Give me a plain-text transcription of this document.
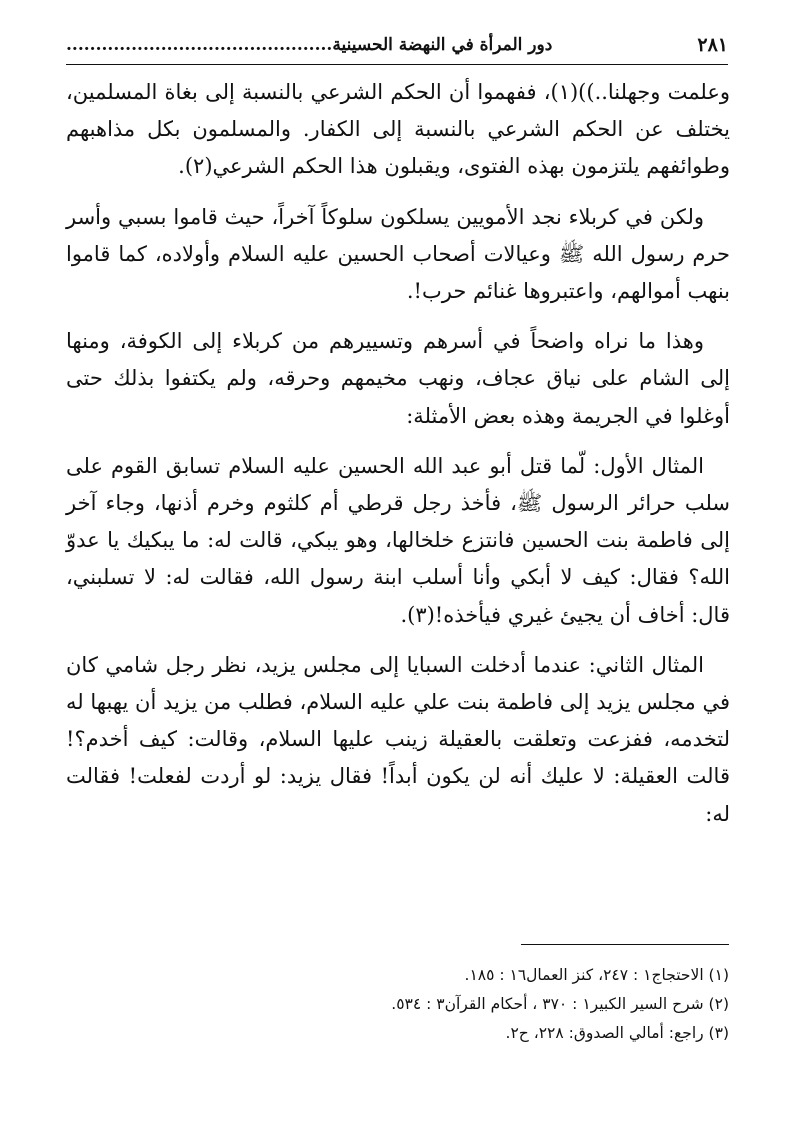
٢٨١
دور المرأة في النهضة الحسينية.............................................

وعلمت وجهلنا..))(١)، ففهموا أن الحكم الشرعي بالنسبة إلى بغاة المسلمين، يختلف عن الحكم الشرعي بالنسبة إلى الكفار. والمسلمون بكل مذاهبهم وطوائفهم يلتزمون بهذه الفتوى، ويقبلون هذا الحكم الشرعي(٢).

ولكن في كربلاء نجد الأمويين يسلكون سلوكاً آخراً، حيث قاموا بسبي وأسر حرم رسول الله ﷺ وعيالات أصحاب الحسين عليه السلام وأولاده، كما قاموا بنهب أموالهم، واعتبروها غنائم حرب!.

وهذا ما نراه واضحاً في أسرهم وتسييرهم من كربلاء إلى الكوفة، ومنها إلى الشام على نياق عجاف، ونهب مخيمهم وحرقه، ولم يكتفوا بذلك حتى أوغلوا في الجريمة وهذه بعض الأمثلة:

المثال الأول: لّما قتل أبو عبد الله الحسين عليه السلام تسابق القوم على سلب حرائر الرسول ﷺ، فأخذ رجل قرطي أم كلثوم وخرم أذنها، وجاء آخر إلى فاطمة بنت الحسين فانتزع خلخالها، وهو يبكي، قالت له: ما يبكيك يا عدوّ الله؟ فقال: كيف لا أبكي وأنا أسلب ابنة رسول الله، فقالت له: لا تسلبني، قال: أخاف أن يجيئ غيري فيأخذه!(٣).

المثال الثاني: عندما أدخلت السبايا إلى مجلس يزيد، نظر رجل شامي كان في مجلس يزيد إلى فاطمة بنت علي عليه السلام، فطلب من يزيد أن يهبها له لتخدمه، ففزعت وتعلقت بالعقيلة زينب عليها السلام، وقالت: كيف أخدم؟! قالت العقيلة: لا عليك أنه لن يكون أبداً! فقال يزيد: لو أردت لفعلت! فقالت له:

(١) الاحتجاج١ : ٢٤٧، كنز العمال١٦ : ١٨٥.
(٢) شرح السير الكبير١ : ٣٧٠ ، أحكام القرآن٣ : ٥٣٤.
(٣) راجع: أمالي الصدوق: ٢٢٨، ح٢.
